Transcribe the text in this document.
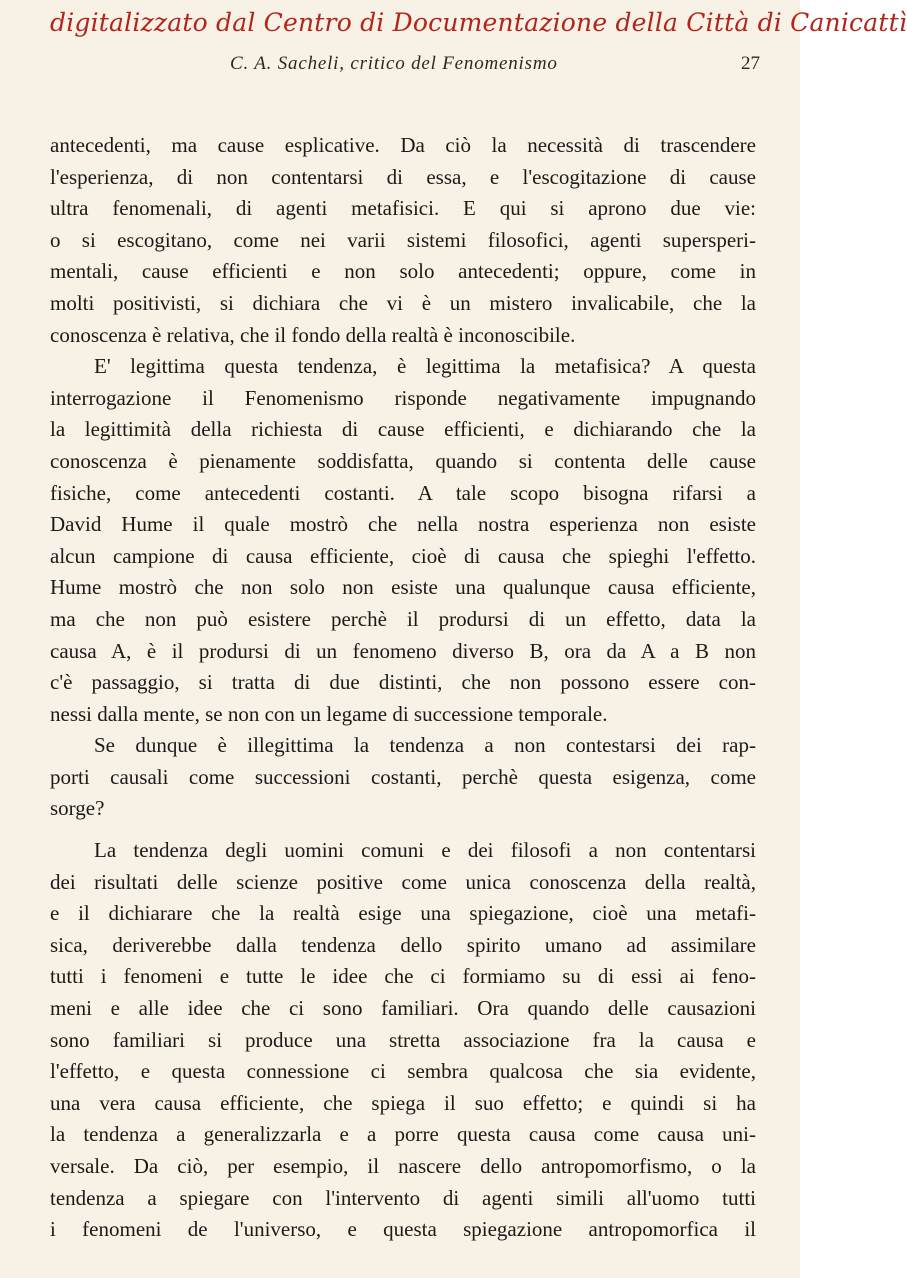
digitalizzato dal Centro di Documentazione della Città di Canicattì
C. A. Sacheli, critico del Fenomenismo	27
antecedenti, ma cause esplicative. Da ciò la necessità di trascendere
l'esperienza, di non contentarsi di essa, e l'escogitazione di cause
ultra fenomenali, di agenti metafisici. E qui si aprono due vie:
o si escogitano, come nei varii sistemi filosofici, agenti supersperi-
mentali, cause efficienti e non solo antecedenti; oppure, come in
molti positivisti, si dichiara che vi è un mistero invalicabile, che la
conoscenza è relativa, che il fondo della realtà è inconoscibile.
E' legittima questa tendenza, è legittima la metafisica? A questa
interrogazione il Fenomenismo risponde negativamente impugnando
la legittimità della richiesta di cause efficienti, e dichiarando che la
conoscenza è pienamente soddisfatta, quando si contenta delle cause
fisiche, come antecedenti costanti. A tale scopo bisogna rifarsi a
David Hume il quale mostrò che nella nostra esperienza non esiste
alcun campione di causa efficiente, cioè di causa che spieghi l'effetto.
Hume mostrò che non solo non esiste una qualunque causa efficiente,
ma che non può esistere perchè il prodursi di un effetto, data la
causa A, è il prodursi di un fenomeno diverso B, ora da A a B non
c'è passaggio, si tratta di due distinti, che non possono essere con-
nessi dalla mente, se non con un legame di successione temporale.
Se dunque è illegittima la tendenza a non contestarsi dei rap-
porti causali come successioni costanti, perchè questa esigenza, come
sorge?
La tendenza degli uomini comuni e dei filosofi a non contentarsi
dei risultati delle scienze positive come unica conoscenza della realtà,
e il dichiarare che la realtà esige una spiegazione, cioè una metafi-
sica, deriverebbe dalla tendenza dello spirito umano ad assimilare
tutti i fenomeni e tutte le idee che ci formiamo su di essi ai feno-
meni e alle idee che ci sono familiari. Ora quando delle causazioni
sono familiari si produce una stretta associazione fra la causa e
l'effetto, e questa connessione ci sembra qualcosa che sia evidente,
una vera causa efficiente, che spiega il suo effetto; e quindi si ha
la tendenza a generalizzarla e a porre questa causa come causa uni-
versale. Da ciò, per esempio, il nascere dello antropomorfismo, o la
tendenza a spiegare con l'intervento di agenti simili all'uomo tutti
i fenomeni de l'universo, e questa spiegazione antropomorfica il
